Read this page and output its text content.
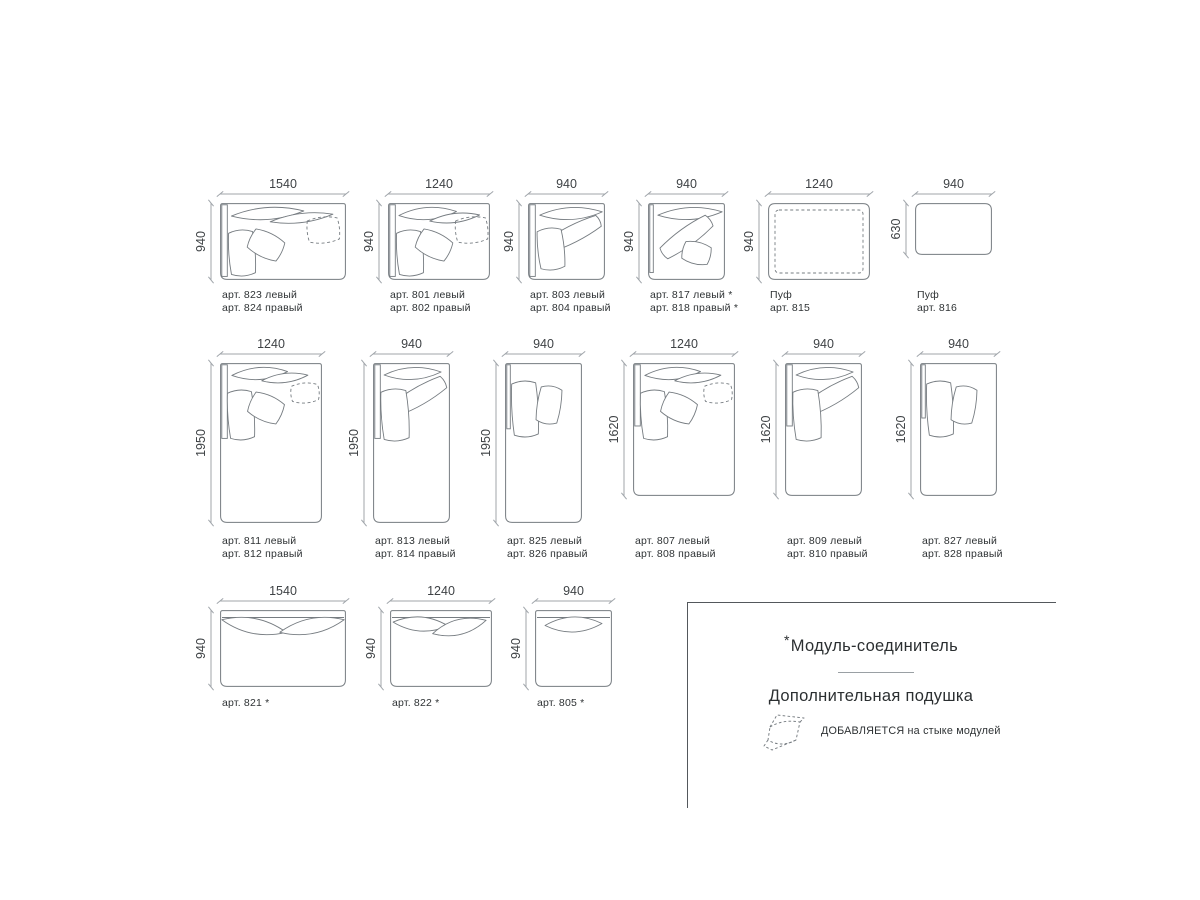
1540
940
арт. 823 левый
арт. 824 правый
1240
940
арт. 801 левый
арт. 802 правый
940
940
арт. 803 левый
арт. 804 правый
940
940
арт. 817 левый *
арт. 818 правый *
1240
940
Пуф
арт. 815
940
630
Пуф
арт. 816
1240
1950
арт. 811 левый
арт. 812 правый
940
1950
арт. 813 левый
арт. 814 правый
940
1950
арт. 825 левый
арт. 826 правый
1240
1620
арт. 807 левый
арт. 808 правый
940
1620
арт. 809 левый
арт. 810 правый
940
1620
арт. 827 левый
арт. 828 правый
1540
940
арт. 821 *
1240
940
арт. 822 *
940
940
арт. 805 *
*Модуль-соединитель
Дополнительная подушка
ДОБАВЛЯЕТСЯ на стыке модулей
